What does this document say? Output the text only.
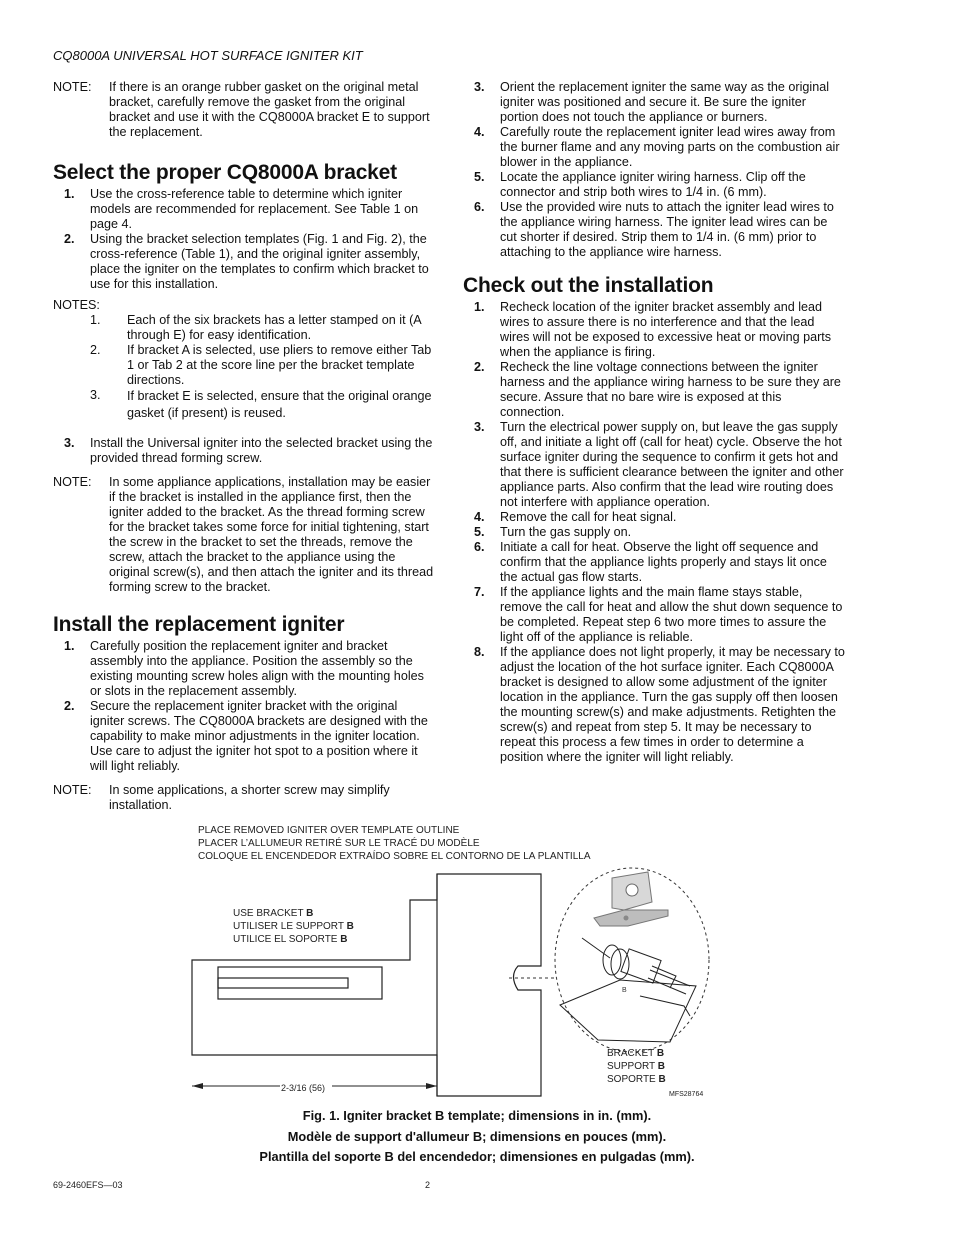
CQ8000A UNIVERSAL HOT SURFACE IGNITER KIT
NOTE:	If there is an orange rubber gasket on the original metal bracket, carefully remove the gasket from the original bracket and use it with the CQ8000A bracket E to support the replacement.
Select the proper CQ8000A bracket
1.	Use the cross-reference table to determine which igniter models are recommended for replacement. See Table 1 on page 4.
2.	Using the bracket selection templates (Fig. 1 and Fig. 2), the cross-reference (Table 1), and the original igniter assembly, place the igniter on the templates to confirm which bracket to use for this installation.
NOTES:
1.	Each of the six brackets has a letter stamped on it (A through E) for easy identification.
2.	If bracket A is selected, use pliers to remove either Tab 1 or Tab 2 at the score line per the bracket template directions.
3.	If bracket E is selected, ensure that the original orange gasket (if present) is reused.
3.	Install the Universal igniter into the selected bracket using the provided thread forming screw.
NOTE:	In some appliance applications, installation may be easier if the bracket is installed in the appliance first, then the igniter added to the bracket. As the thread forming screw for the bracket takes some force for initial tightening, start the screw in the bracket to set the threads, remove the screw, attach the bracket to the appliance using the original screw(s), and then attach the igniter and its thread forming screw to the bracket.
Install the replacement igniter
1.	Carefully position the replacement igniter and bracket assembly into the appliance. Position the assembly so the existing mounting screw holes align with the mounting holes or slots in the replacement assembly.
2.	Secure the replacement igniter bracket with the original igniter screws. The CQ8000A brackets are designed with the capability to make minor adjustments in the igniter location. Use care to adjust the igniter hot spot to a position where it will light reliably.
NOTE:	In some applications, a shorter screw may simplify installation.
3.	Orient the replacement igniter the same way as the original igniter was positioned and secure it. Be sure the igniter portion does not touch the appliance or burners.
4.	Carefully route the replacement igniter lead wires away from the burner flame and any moving parts on the combustion air blower in the appliance.
5.	Locate the appliance igniter wiring harness. Clip off the connector and strip both wires to 1/4 in. (6 mm).
6.	Use the provided wire nuts to attach the igniter lead wires to the appliance wiring harness. The igniter lead wires can be cut shorter if desired. Strip them to 1/4 in. (6 mm) prior to attaching to the appliance wire harness.
Check out the installation
1.	Recheck location of the igniter bracket assembly and lead wires to assure there is no interference and that the lead wires will not be exposed to excessive heat or moving parts when the appliance is firing.
2.	Recheck the line voltage connections between the igniter harness and the appliance wiring harness to be sure they are secure. Assure that no bare wire is exposed at this connection.
3.	Turn the electrical power supply on, but leave the gas supply off, and initiate a light off (call for heat) cycle. Observe the hot surface igniter during the sequence to confirm it gets hot and that there is sufficient clearance between the igniter and other appliance parts. Also confirm that the lead wire routing does not interfere with appliance operation.
4.	Remove the call for heat signal.
5.	Turn the gas supply on.
6.	Initiate a call for heat. Observe the light off sequence and confirm that the appliance lights properly and stays lit once the actual gas flow starts.
7.	If the appliance lights and the main flame stays stable, remove the call for heat and allow the shut down sequence to be completed. Repeat step 6 two more times to assure the light off of the appliance is reliable.
8.	If the appliance does not light properly, it may be necessary to adjust the location of the hot surface igniter. Each CQ8000A bracket is designed to allow some adjustment of the igniter location in the appliance. Turn the gas supply off then loosen the mounting screw(s) and make adjustments. Retighten the screw(s) and repeat from step 5. It may be necessary to repeat this process a few times in order to determine a position where the igniter will light reliably.
B
PLACE REMOVED IGNITER OVER TEMPLATE OUTLINE
PLACER L’ALLUMEUR RETIRÉ SUR LE TRACÉ DU MODÈLE
COLOQUE EL ENCENDEDOR EXTRAÍDO SOBRE EL CONTORNO DE LA PLANTILLA
USE BRACKET B
UTILISER LE SUPPORT B
UTILICE EL SOPORTE B
2-3/16 (56)
BRACKET B
SUPPORT B
SOPORTE B
MFS28764
Fig. 1. Igniter bracket B template; dimensions in in. (mm).
Modèle de support d'allumeur B; dimensions en pouces (mm).
Plantilla del soporte B del encendedor; dimensiones en pulgadas (mm).
69-2460EFS—03	2
